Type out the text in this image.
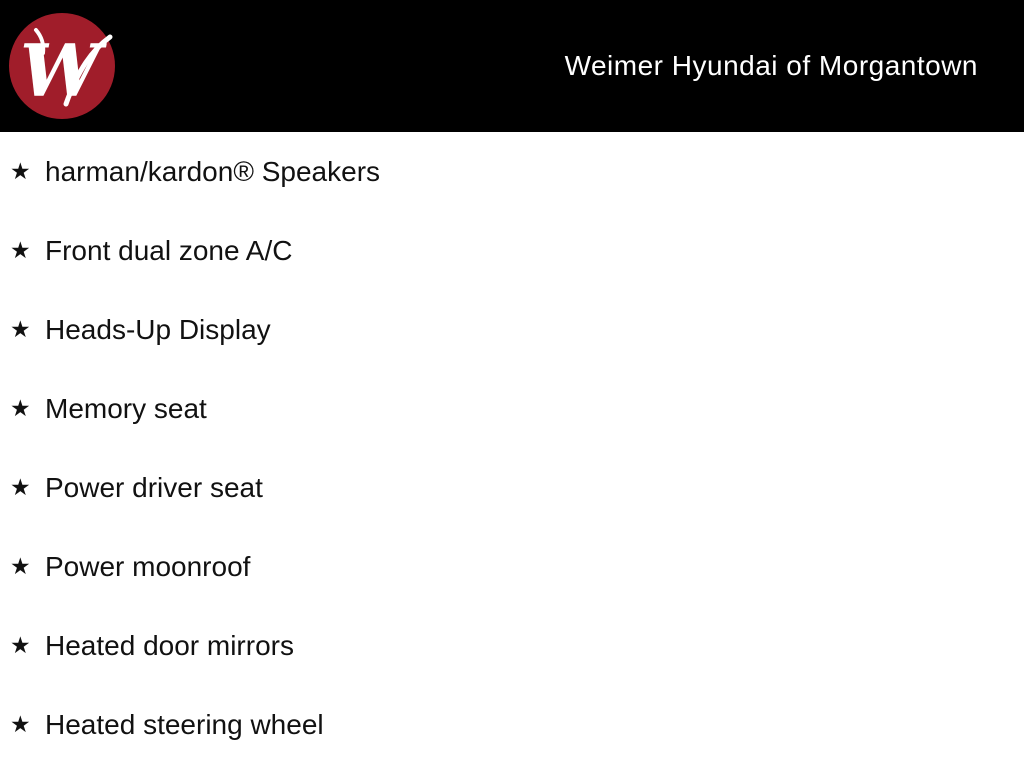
W	Weimer Hyundai of Morgantown
★ harman/kardon® Speakers
★ Front dual zone A/C
★ Heads-Up Display
★ Memory seat
★ Power driver seat
★ Power moonroof
★ Heated door mirrors
★ Heated steering wheel
